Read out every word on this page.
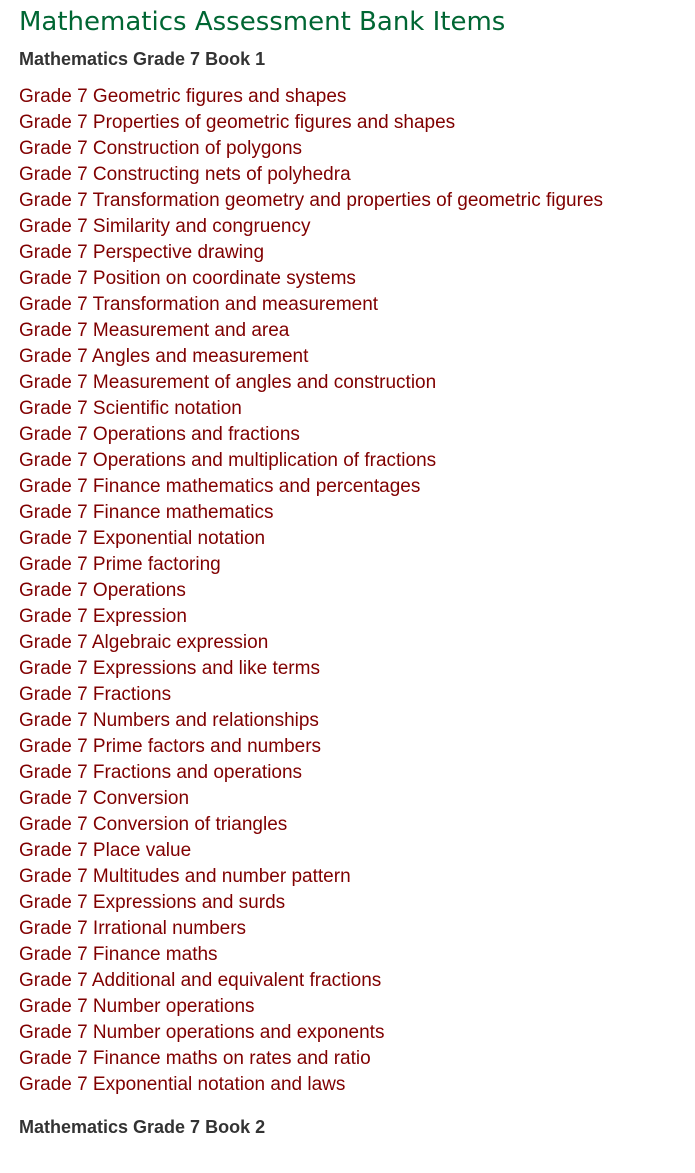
Mathematics Assessment Bank Items
Mathematics Grade 7 Book 1
Grade 7 Geometric figures and shapes
Grade 7 Properties of geometric figures and shapes
Grade 7 Construction of polygons
Grade 7 Constructing nets of polyhedra
Grade 7 Transformation geometry and properties of geometric figures
Grade 7 Similarity and congruency
Grade 7 Perspective drawing
Grade 7 Position on coordinate systems
Grade 7 Transformation and measurement
Grade 7 Measurement and area
Grade 7 Angles and measurement
Grade 7 Measurement of angles and construction
Grade 7 Scientific notation
Grade 7 Operations and fractions
Grade 7 Operations and multiplication of fractions
Grade 7 Finance mathematics and percentages
Grade 7 Finance mathematics
Grade 7 Exponential notation
Grade 7 Prime factoring
Grade 7 Operations
Grade 7 Expression
Grade 7 Algebraic expression
Grade 7 Expressions and like terms
Grade 7 Fractions
Grade 7 Numbers and relationships
Grade 7 Prime factors and numbers
Grade 7 Fractions and operations
Grade 7 Conversion
Grade 7 Conversion of triangles
Grade 7 Place value
Grade 7 Multitudes and number pattern
Grade 7 Expressions and surds
Grade 7 Irrational numbers
Grade 7 Finance maths
Grade 7 Additional and equivalent fractions
Grade 7 Number operations
Grade 7 Number operations and exponents
Grade 7 Finance maths on rates and ratio
Grade 7 Exponential notation and laws
Mathematics Grade 7 Book 2
